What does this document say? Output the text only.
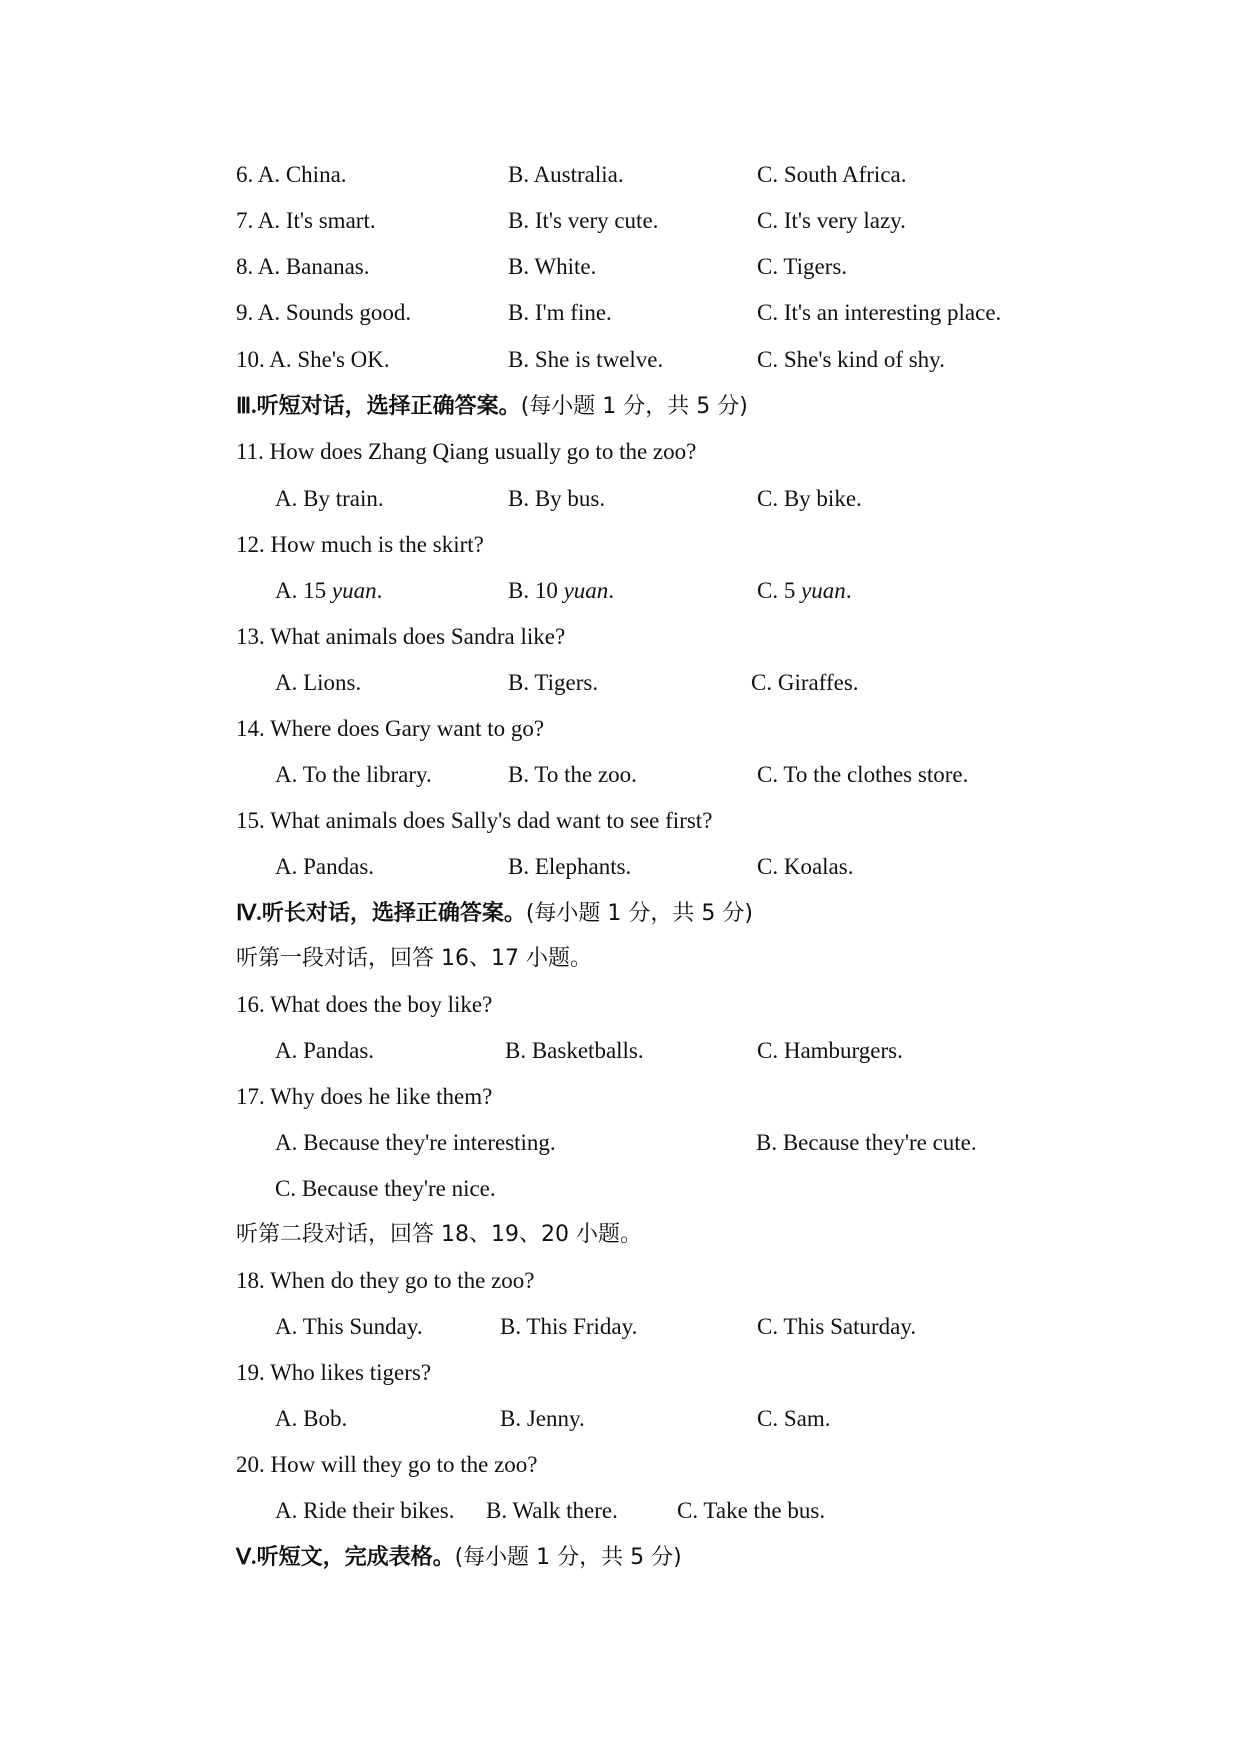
6. A. China.	B. Australia.	C. South Africa.
7. A. It's smart.	B. It's very cute.	C. It's very lazy.
8. A. Bananas.	B. White.	C. Tigers.
9. A. Sounds good.	B. I'm fine.	C. It's an interesting place.
10. A. She's OK.	B. She is twelve.	C. She's kind of shy.
Ⅲ.听短对话，选择正确答案。(每小题 1 分，共 5 分)
11. How does Zhang Qiang usually go to the zoo?
A. By train.	B. By bus.	C. By bike.
12. How much is the skirt?
A. 15 yuan.	B. 10 yuan.	C. 5 yuan.
13. What animals does Sandra like?
A. Lions.	B. Tigers.	C. Giraffes.
14. Where does Gary want to go?
A. To the library.	B. To the zoo.	C. To the clothes store.
15. What animals does Sally's dad want to see first?
A. Pandas.	B. Elephants.	C. Koalas.
Ⅳ.听长对话，选择正确答案。(每小题 1 分，共 5 分)
听第一段对话，回答 16、17 小题。
16. What does the boy like?
A. Pandas.	B. Basketballs.	C. Hamburgers.
17. Why does he like them?
A. Because they're interesting.	B. Because they're cute.
C. Because they're nice.
听第二段对话，回答 18、19、20 小题。
18. When do they go to the zoo?
A. This Sunday.	B. This Friday.	C. This Saturday.
19. Who likes tigers?
A. Bob.	B. Jenny.	C. Sam.
20. How will they go to the zoo?
A. Ride their bikes. B. Walk there.	C. Take the bus.
Ⅴ.听短文，完成表格。(每小题 1 分，共 5 分)
